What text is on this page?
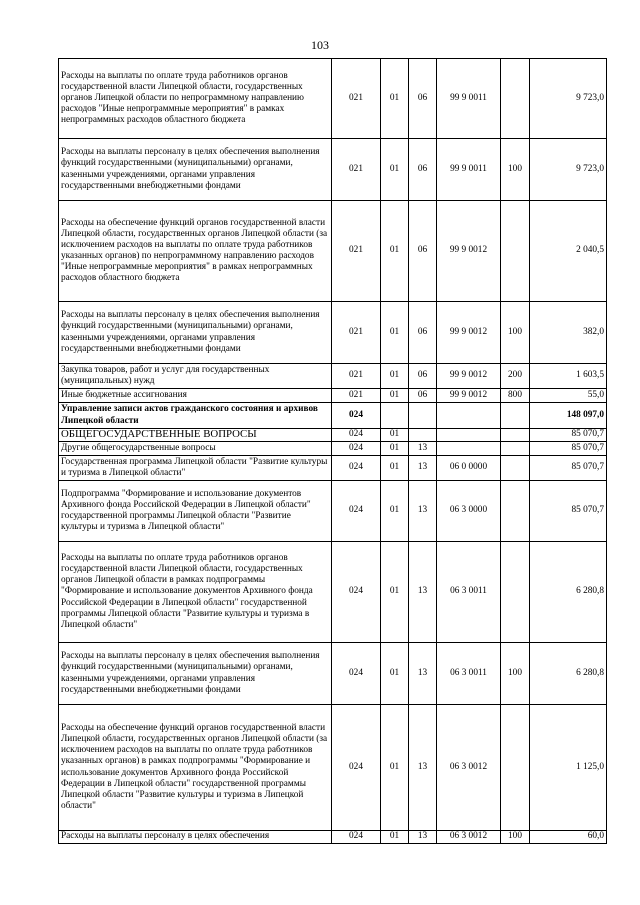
103
Расходы на выплаты по оплате труда работников органов государственной власти Липецкой области, государственных органов Липецкой области по непрограммному направлению расходов "Иные непрограммные мероприятия" в рамках непрограммных расходов областного бюджета	021	01	06	99 9 0011		9 723,0
Расходы на выплаты персоналу в целях обеспечения выполнения функций государственными (муниципальными) органами, казенными учреждениями, органами управления государственными внебюджетными фондами	021	01	06	99 9 0011	100	9 723,0
Расходы на обеспечение функций органов государственной власти Липецкой области, государственных органов Липецкой области (за исключением расходов на выплаты по оплате труда работников указанных органов) по непрограммному направлению расходов "Иные непрограммные мероприятия" в рамках непрограммных расходов областного бюджета	021	01	06	99 9 0012		2 040,5
Расходы на выплаты персоналу в целях обеспечения выполнения функций государственными (муниципальными) органами, казенными учреждениями, органами управления государственными внебюджетными фондами	021	01	06	99 9 0012	100	382,0
Закупка товаров, работ и услуг для государственных (муниципальных) нужд	021	01	06	99 9 0012	200	1 603,5
Иные бюджетные ассигнования	021	01	06	99 9 0012	800	55,0
Управление записи актов гражданского состояния и архивов Липецкой области	024					148 097,0
ОБЩЕГОСУДАРСТВЕННЫЕ ВОПРОСЫ	024	01				85 070,7
Другие общегосударственные вопросы	024	01	13			85 070,7
Государственная программа Липецкой области "Развитие культуры и туризма в Липецкой области"	024	01	13	06 0 0000		85 070,7
Подпрограмма "Формирование и использование документов Архивного фонда Российской Федерации в Липецкой области" государственной программы Липецкой области "Развитие культуры и туризма в Липецкой области"	024	01	13	06 3 0000		85 070,7
Расходы на выплаты по оплате труда работников органов государственной власти Липецкой области, государственных органов Липецкой области в рамках подпрограммы "Формирование и использование документов Архивного фонда Российской Федерации в Липецкой области" государственной программы Липецкой области "Развитие культуры и туризма в Липецкой области"	024	01	13	06 3 0011		6 280,8
Расходы на выплаты персоналу в целях обеспечения выполнения функций государственными (муниципальными) органами, казенными учреждениями, органами управления государственными внебюджетными фондами	024	01	13	06 3 0011	100	6 280,8
Расходы на обеспечение функций органов государственной власти Липецкой области, государственных органов Липецкой области (за исключением расходов на выплаты по оплате труда работников указанных органов) в рамках подпрограммы "Формирование и использование документов Архивного фонда Российской Федерации в Липецкой области" государственной программы Липецкой области "Развитие культуры и туризма в Липецкой области"	024	01	13	06 3 0012		1 125,0
Расходы на выплаты персоналу в целях обеспечения	024	01	13	06 3 0012	100	60,0
